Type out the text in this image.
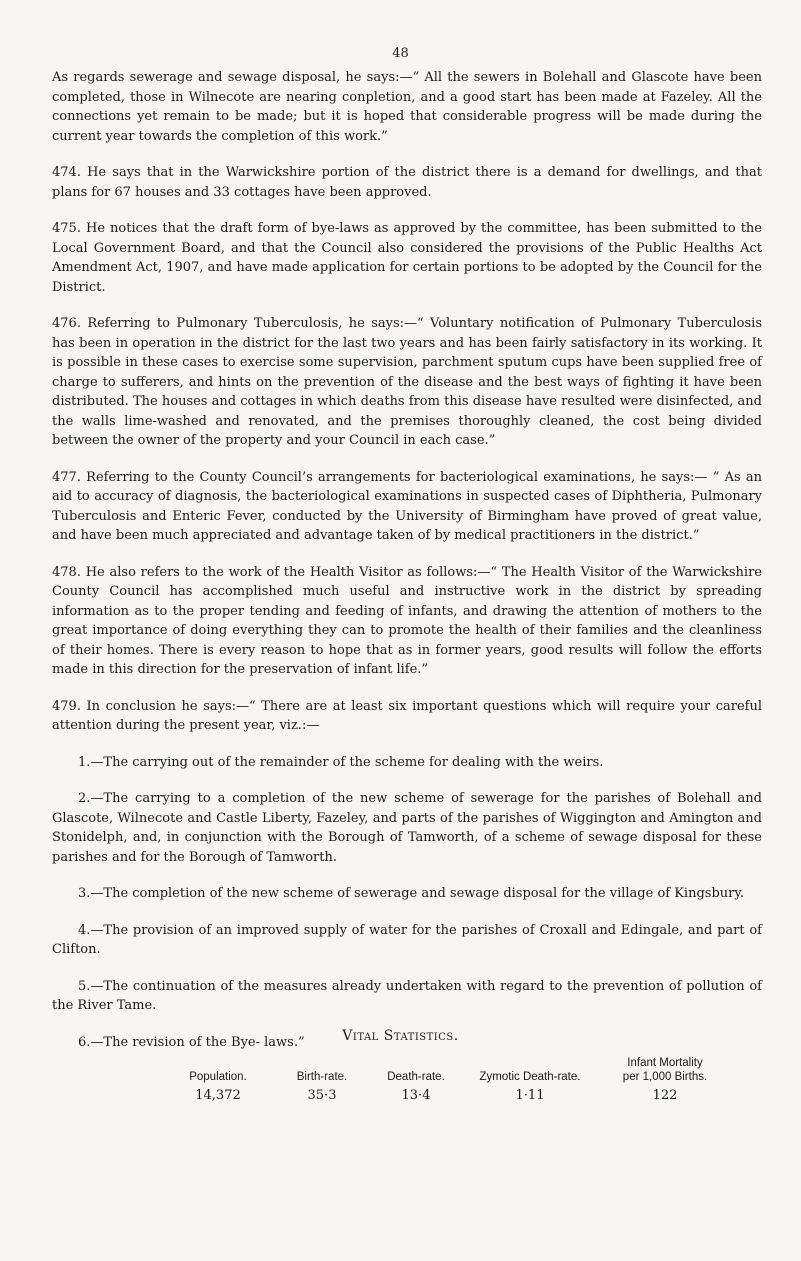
48

As regards sewerage and sewage disposal, he says:—“ All the sewers in Bolehall and Glascote have been completed, those in Wilnecote are nearing conpletion, and a good start has been made at Fazeley. All the connections yet remain to be made; but it is hoped that considerable progress will be made during the current year towards the completion of this work.”

474. He says that in the Warwickshire portion of the district there is a demand for dwellings, and that plans for 67 houses and 33 cottages have been approved.

475. He notices that the draft form of bye-laws as approved by the committee, has been submitted to the Local Government Board, and that the Council also considered the provisions of the Public Healths Act Amendment Act, 1907, and have made application for certain portions to be adopted by the Council for the District.

476. Referring to Pulmonary Tuberculosis, he says:—“ Voluntary notification of Pulmonary Tuberculosis has been in operation in the district for the last two years and has been fairly satisfactory in its working. It is possible in these cases to exercise some supervision, parchment sputum cups have been supplied free of charge to sufferers, and hints on the prevention of the disease and the best ways of fighting it have been distributed. The houses and cottages in which deaths from this disease have resulted were disinfected, and the walls lime-washed and renovated, and the premises thoroughly cleaned, the cost being divided between the owner of the property and your Council in each case.”

477. Referring to the County Council’s arrangements for bacteriological examinations, he says:— “ As an aid to accuracy of diagnosis, the bacteriological examinations in suspected cases of Diphtheria, Pulmonary Tuberculosis and Enteric Fever, conducted by the University of Birmingham have proved of great value, and have been much appreciated and advantage taken of by medical practitioners in the district.”

478. He also refers to the work of the Health Visitor as follows:—“ The Health Visitor of the Warwickshire County Council has accomplished much useful and instructive work in the district by spreading information as to the proper tending and feeding of infants, and drawing the attention of mothers to the great importance of doing everything they can to promote the health of their families and the cleanliness of their homes. There is every reason to hope that as in former years, good results will follow the efforts made in this direction for the preservation of infant life.”

479. In conclusion he says:—“ There are at least six important questions which will require your careful attention during the present year, viz.:—

1.—The carrying out of the remainder of the scheme for dealing with the weirs.

2.—The carrying to a completion of the new scheme of sewerage for the parishes of Bolehall and Glascote, Wilnecote and Castle Liberty, Fazeley, and parts of the parishes of Wiggington and Amington and Stonidelph, and, in conjunction with the Borough of Tamworth, of a scheme of sewage disposal for these parishes and for the Borough of Tamworth.

3.—The completion of the new scheme of sewerage and sewage disposal for the village of Kingsbury.

4.—The provision of an improved supply of water for the parishes of Croxall and Edingale, and part of Clifton.

5.—The continuation of the measures already undertaken with regard to the prevention of pollution of the River Tame.

6.—The revision of the Bye- laws.”	Vital Statistics.
Population.
14,372
Birth-rate.
35·3
Death-rate.
13·4
Zymotic Death-rate.
1·11
Infant Mortality
per 1,000 Births.
122
